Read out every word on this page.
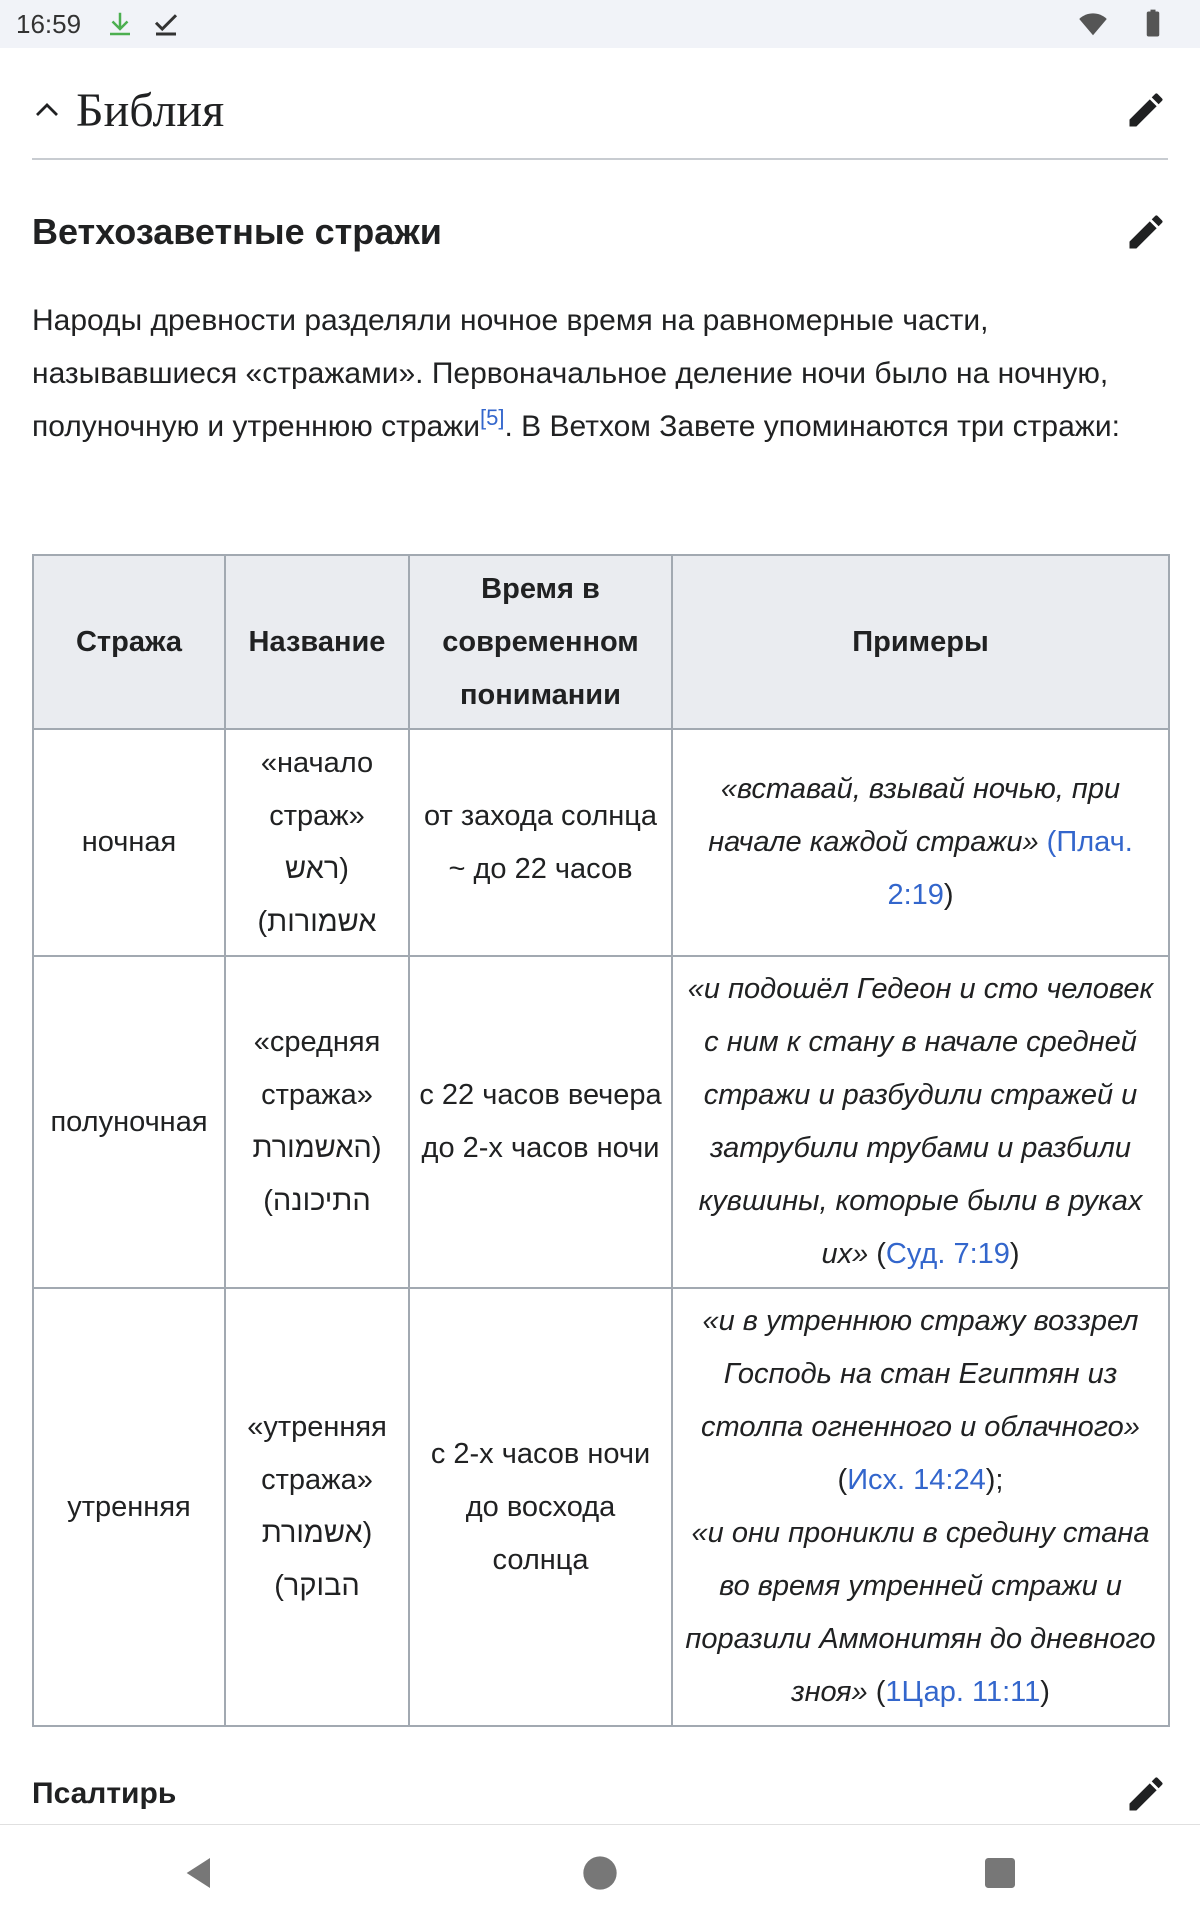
16:59
Библия
Ветхозаветные стражи
Народы древности разделяли ночное время на равномерные части, называвшиеся «стражами». Первоначальное деление ночи было на ночную, полуночную и утреннюю стражи[5]. В Ветхом Завете упоминаются три стражи:
Стража	Название	Время в современном понимании	Примеры
ночная	«начало страж» (ראש אשמורות)	от захода солнца ~ до 22 часов	«вставай, взывай ночью, при начале каждой стражи» (Плач. 2:19)
полуночная	«средняя стража» (האשמורת התיכונה)	с 22 часов вечера до 2-х часов ночи	«и подошёл Гедеон и сто человек с ним к стану в начале средней стражи и разбудили стражей и затрубили трубами и разбили кувшины, которые были в руках их» (Суд. 7:19)
утренняя	«утренняя стража» (אשמורת הבוקר)	с 2-х часов ночи до восхода солнца	«и в утреннюю стражу воззрел Господь на стан Египтян из столпа огненного и облачного» (Исх. 14:24);
«и они проникли в средину стана во время утренней стражи и поразили Аммонитян до дневного зноя» (1Цар. 11:11)
Псалтирь
